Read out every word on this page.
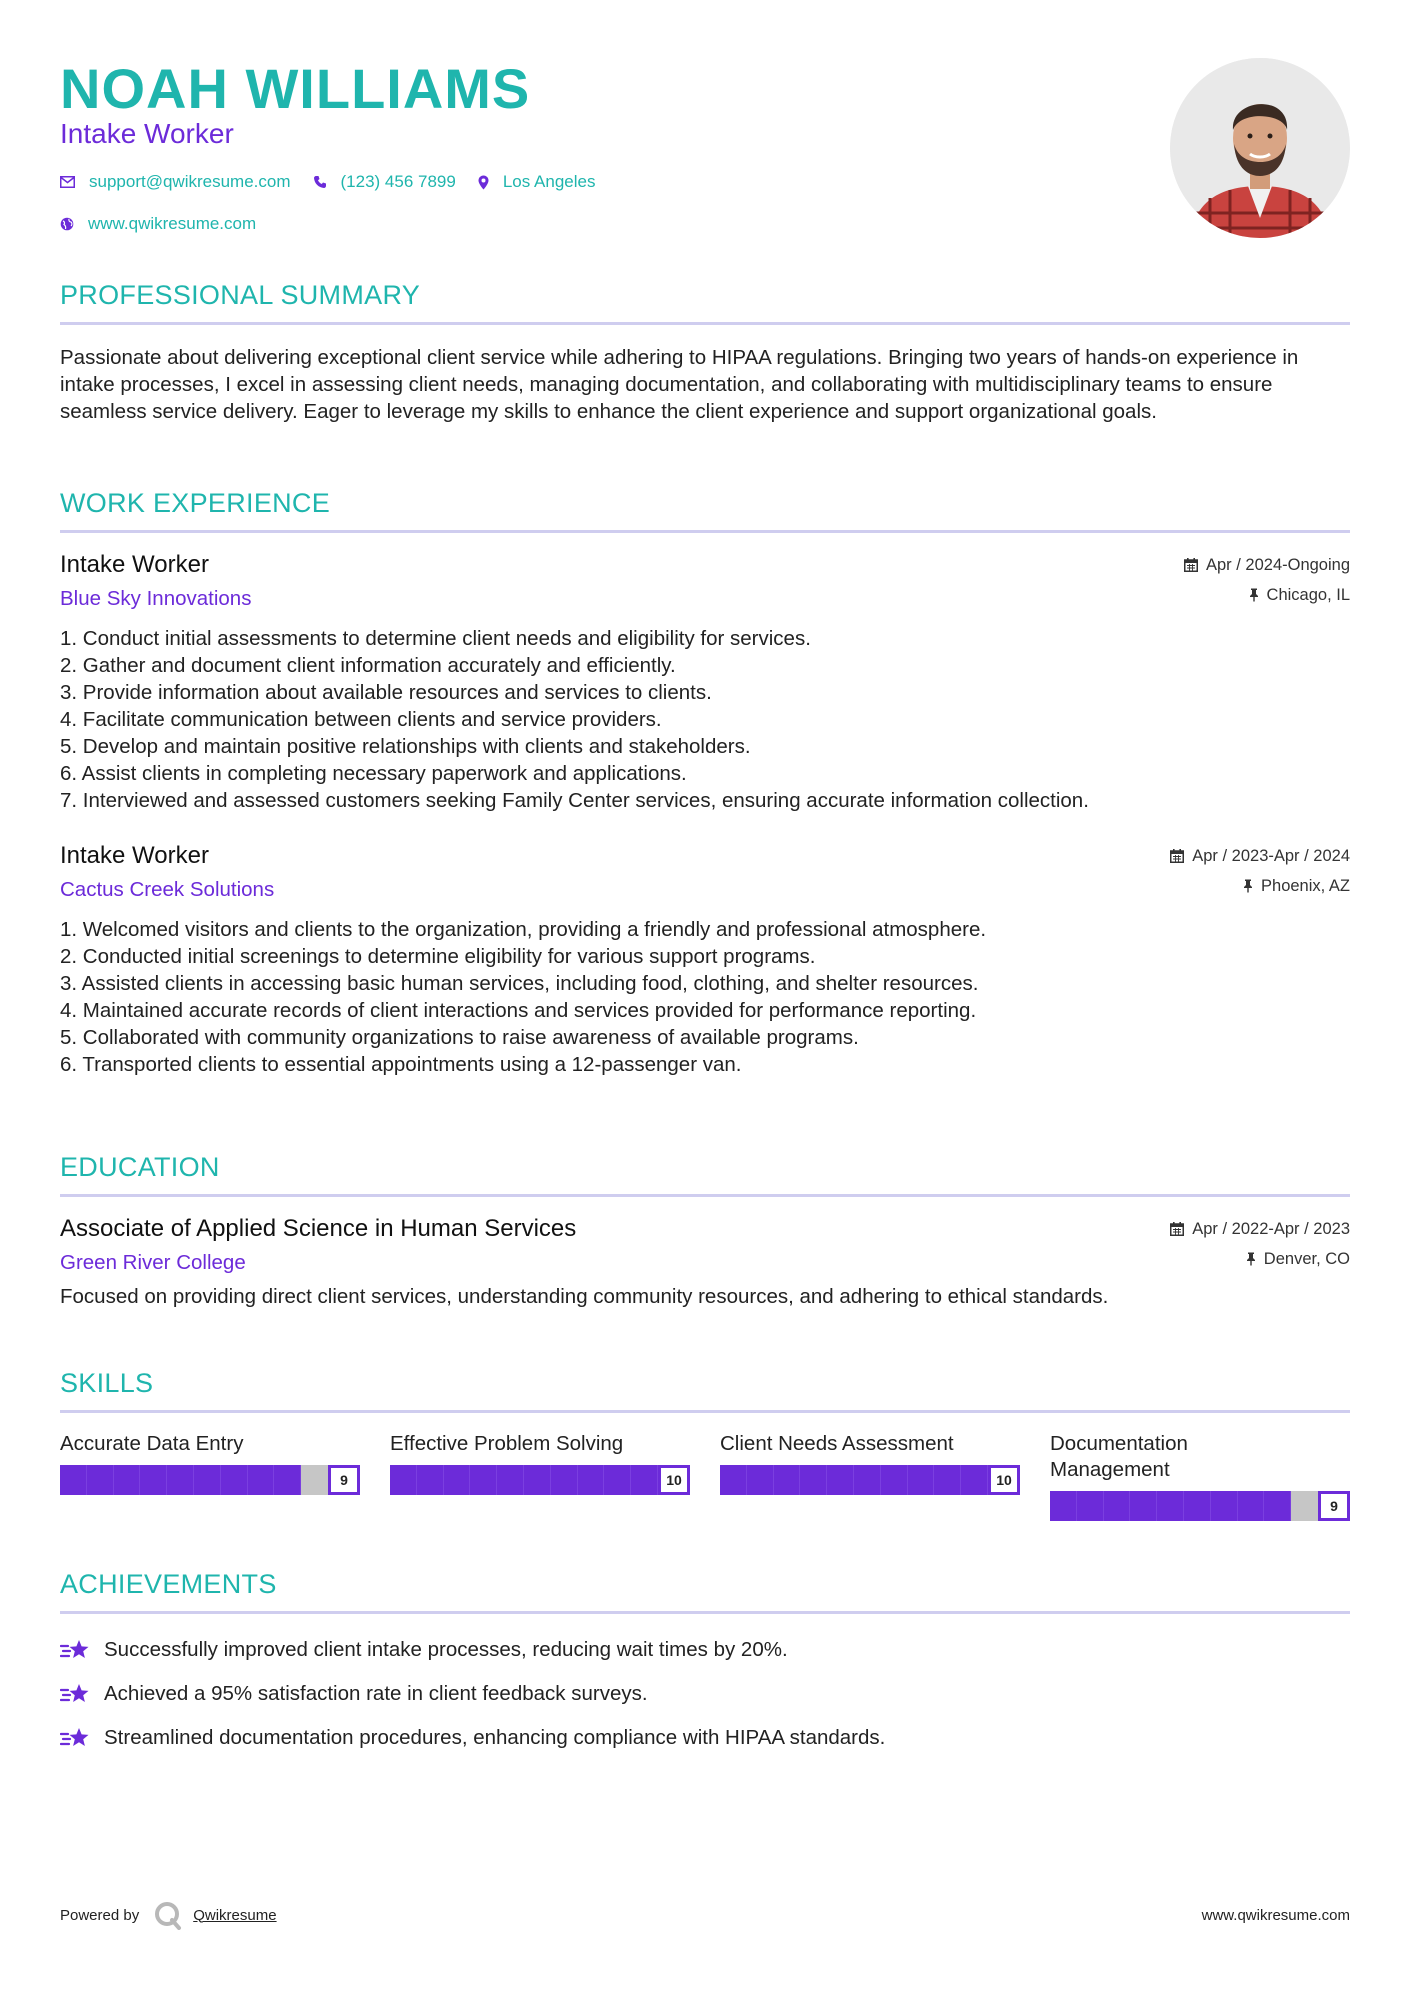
NOAH WILLIAMS
Intake Worker
support@qwikresume.com	(123) 456 7899	Los Angeles
www.qwikresume.com
PROFESSIONAL SUMMARY

Passionate about delivering exceptional client service while adhering to HIPAA regulations. Bringing two years of hands-on experience in intake processes, I excel in assessing client needs, managing documentation, and collaborating with multidisciplinary teams to ensure seamless service delivery. Eager to leverage my skills to enhance the client experience and support organizational goals.

WORK EXPERIENCE
Intake Worker	Apr / 2024-Ongoing
Blue Sky Innovations	Chicago, IL
1. Conduct initial assessments to determine client needs and eligibility for services.
2. Gather and document client information accurately and efficiently.
3. Provide information about available resources and services to clients.
4. Facilitate communication between clients and service providers.
5. Develop and maintain positive relationships with clients and stakeholders.
6. Assist clients in completing necessary paperwork and applications.
7. Interviewed and assessed customers seeking Family Center services, ensuring accurate information collection.
Intake Worker	Apr / 2023-Apr / 2024
Cactus Creek Solutions	Phoenix, AZ
1. Welcomed visitors and clients to the organization, providing a friendly and professional atmosphere.
2. Conducted initial screenings to determine eligibility for various support programs.
3. Assisted clients in accessing basic human services, including food, clothing, and shelter resources.
4. Maintained accurate records of client interactions and services provided for performance reporting.
5. Collaborated with community organizations to raise awareness of available programs.
6. Transported clients to essential appointments using a 12-passenger van.
EDUCATION
Associate of Applied Science in Human Services	Apr / 2022-Apr / 2023
Green River College	Denver, CO

Focused on providing direct client services, understanding community resources, and adhering to ethical standards.

SKILLS
Accurate Data Entry
9
Effective Problem Solving
10
Client Needs Assessment
10
Documentation Management
9
ACHIEVEMENTS
Successfully improved client intake processes, reducing wait times by 20%.
Achieved a 95% satisfaction rate in client feedback surveys.
Streamlined documentation procedures, enhancing compliance with HIPAA standards.
Powered by	Qwikresume	www.qwikresume.com
